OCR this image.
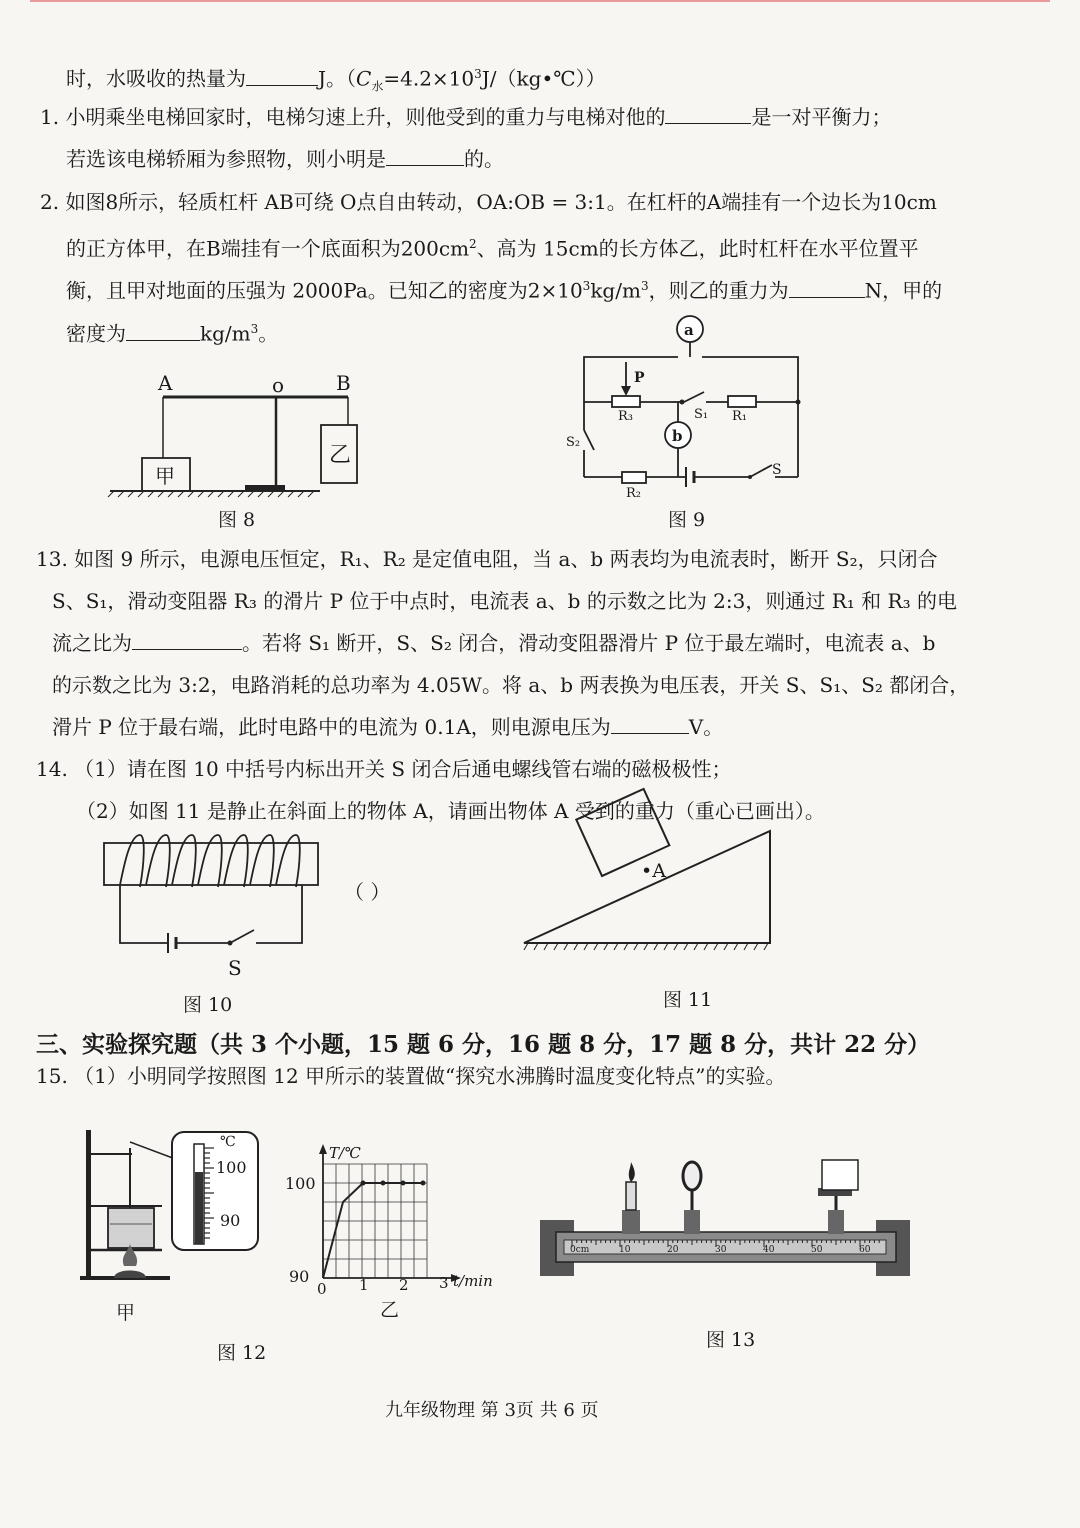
时，水吸收的热量为	J。$(C_水=4.2\times 10^3J/(kg•℃))$
1. 小明乘坐电梯回家时，电梯匀速上升，则他受到的重力与电梯对他的	是一对平衡力；
若选该电梯轿厢为参照物，则小明是	的。
2. 如图8所示，轻质杠杆 AB可绕 O点自由转动，OA:OB = 3:1。在杠杆的A端挂有一个边长为10cm
的正方体甲，在B端挂有一个底面积为$200cm^2$、高为 15cm的长方体乙，此时杠杆在水平位置平
衡，且甲对地面的压强为 2000Pa。已知乙的密度为$2\times 10^3kg/m^3$，则乙的重力为	N，甲的
密度为	$kg/m^3$。
A	o	B
甲
乙
图 8
a
b
P
R₃	R₁
R₂
S₁
S₂
S
图 9
13. 如图 9 所示，电源电压恒定，R₁、R₂ 是定值电阻，当 a、b 两表均为电流表时，断开 S₂，只闭合
S、S₁，滑动变阻器 R₃ 的滑片 P 位于中点时，电流表 a、b 的示数之比为 2:3，则通过 R₁ 和 R₃ 的电
流之比为	。若将 S₁ 断开，S、S₂ 闭合，滑动变阻器滑片 P 位于最左端时，电流表 a、b
的示数之比为 3:2，电路消耗的总功率为 4.05W。将 a、b 两表换为电压表，开关 S、S₁、S₂ 都闭合，
滑片 P 位于最右端，此时电路中的电流为 0.1A，则电源电压为	V。
14. （1）请在图 10 中括号内标出开关 S 闭合后通电螺线管右端的磁极极性；
（2）如图 11 是静止在斜面上的物体 A，请画出物体 A 受到的重力（重心已画出）。
S
（ ）
图 10
•A
图 11
三、实验探究题（共 3 个小题，15 题 6 分，16 题 8 分，17 题 8 分，共计 22 分）
15. （1）小明同学按照图 12 甲所示的装置做“探究水沸腾时温度变化特点”的实验。
℃
100
90
甲
T/℃
100
90
0 1 2 3 t/min
乙
图 12
0cm	10	20	30	40	50	60
图 13
九年级物理 第 3页 共 6 页
